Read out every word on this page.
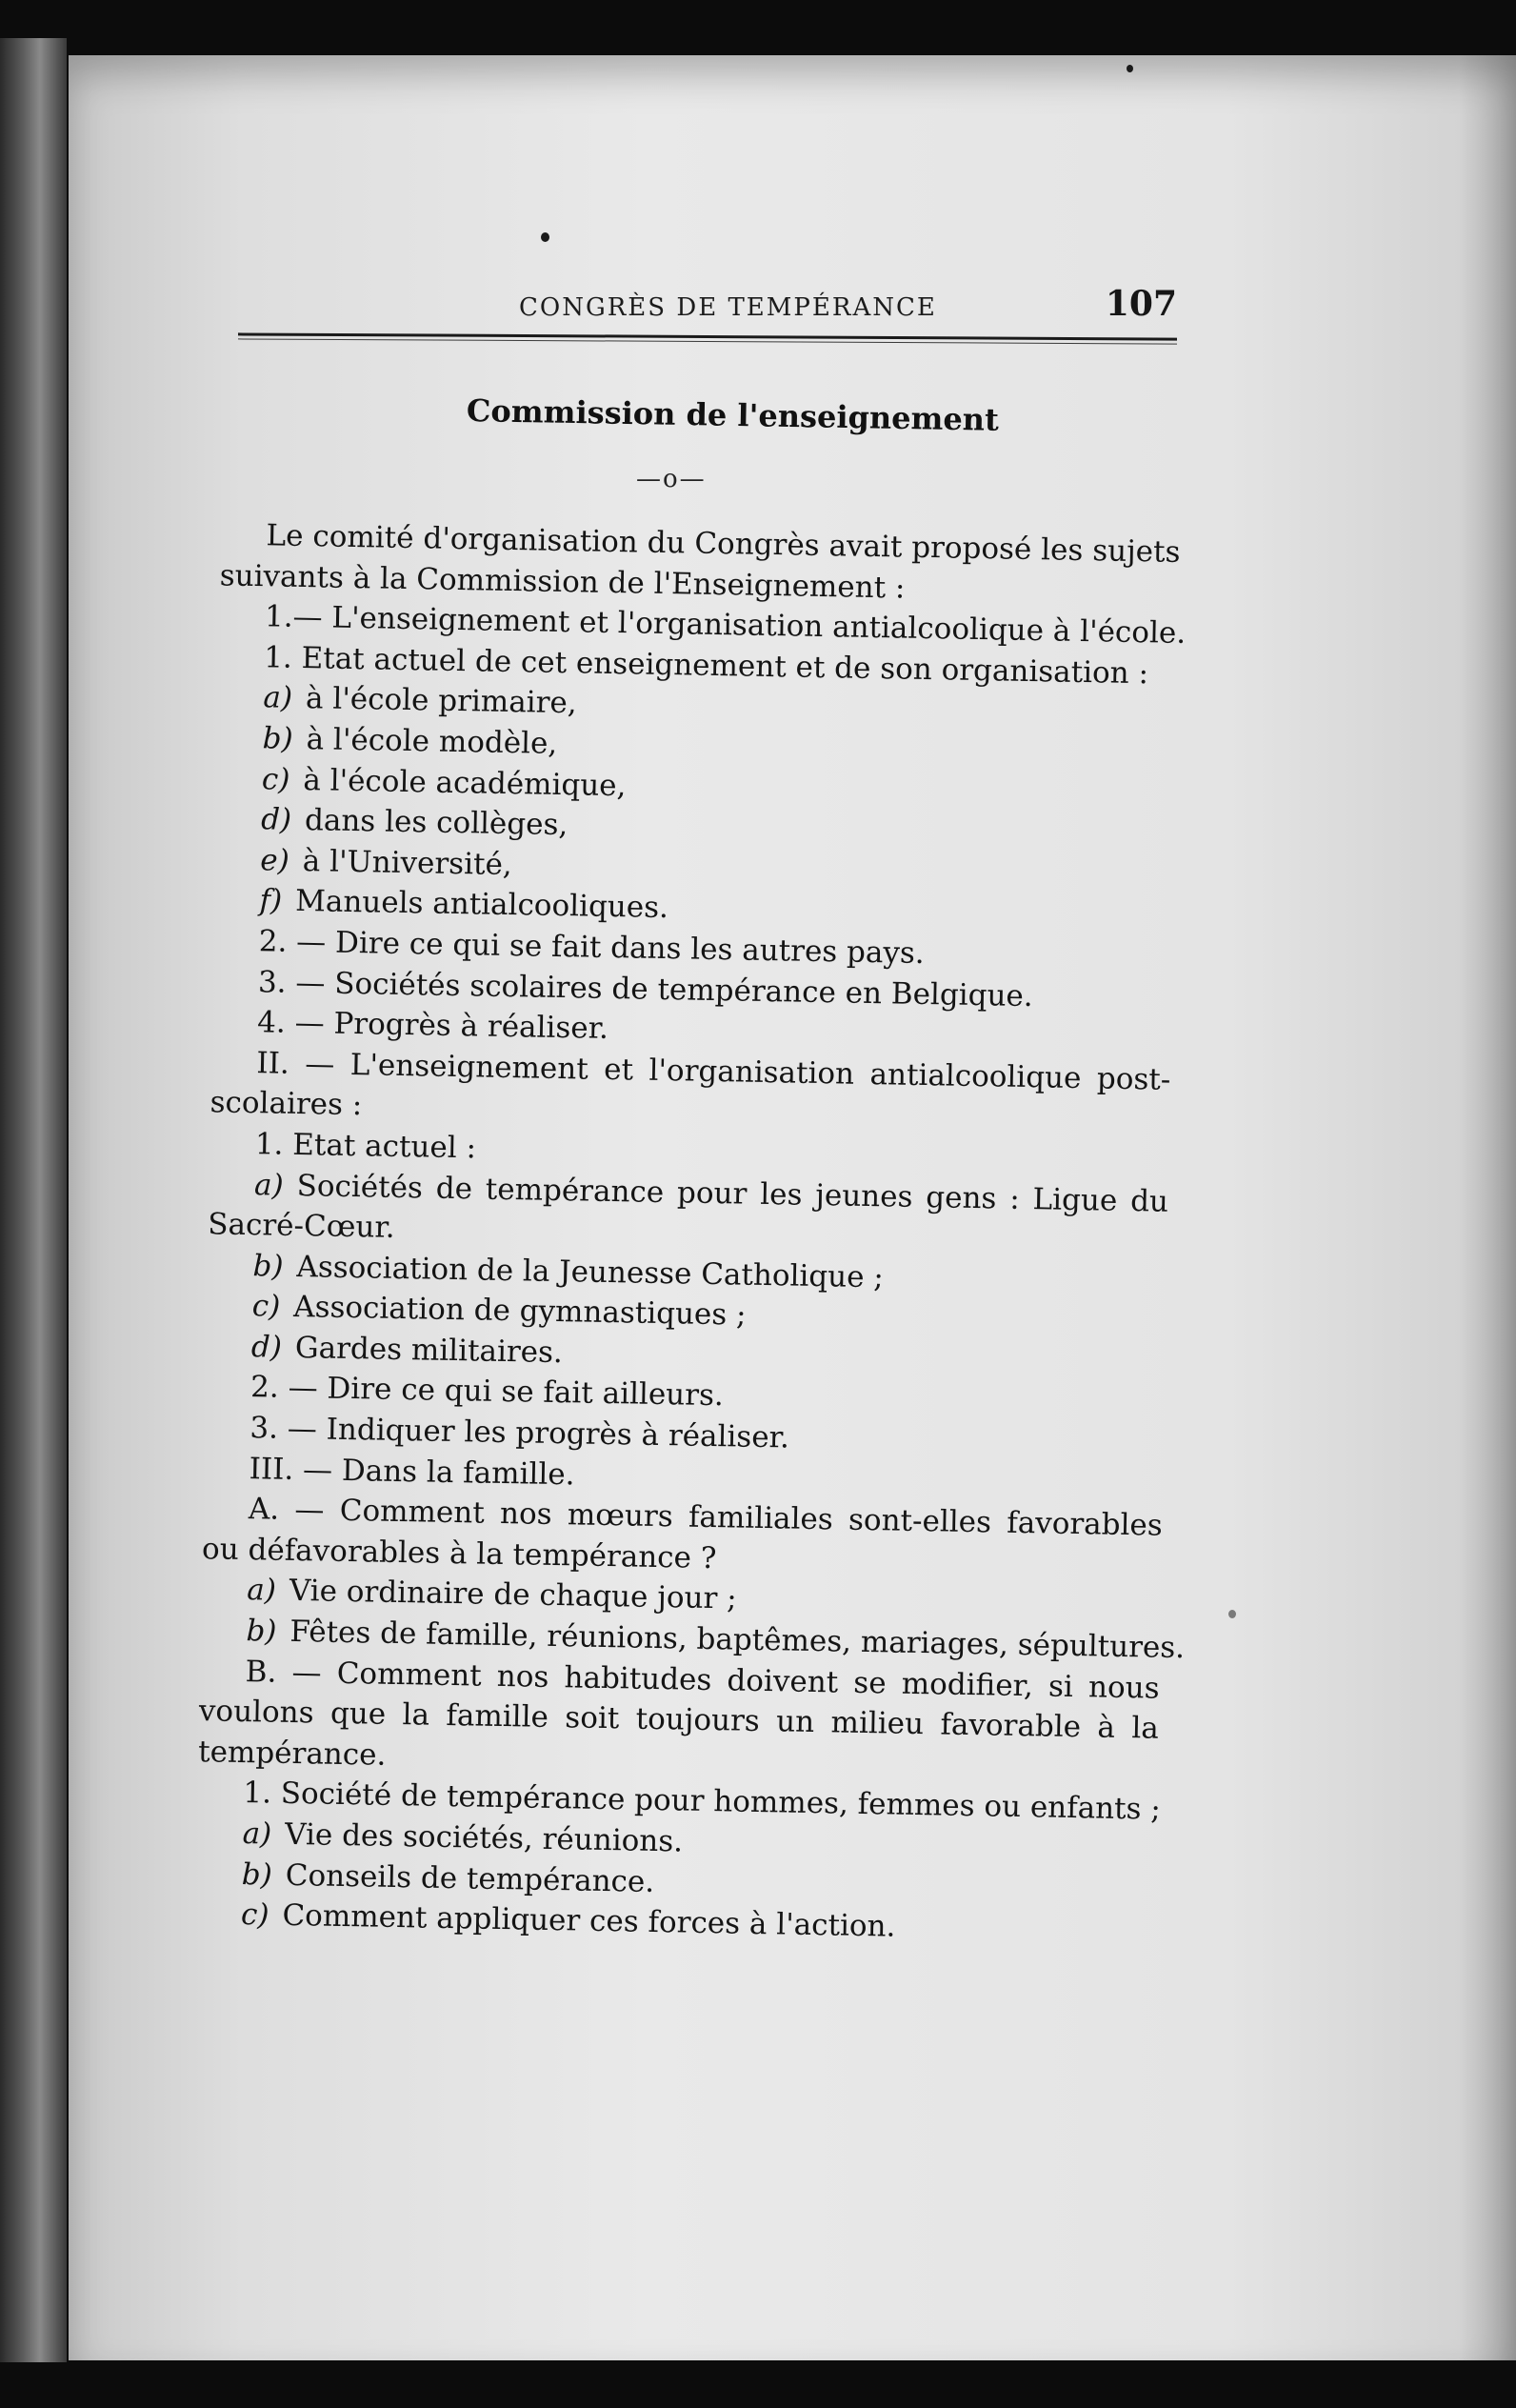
CONGRÈS DE TEMPÉRANCE	107
Commission de l'enseignement
—o—
Le comité d'organisation du Congrès avait proposé les sujets
suivants à la Commission de l'Enseignement :
1.— L'enseignement et l'organisation antialcoolique à l'école.
1. Etat actuel de cet enseignement et de son organisation :
a) à l'école primaire,
b) à l'école modèle,
c) à l'école académique,
d) dans les collèges,
e) à l'Université,
f) Manuels antialcooliques.
2. — Dire ce qui se fait dans les autres pays.
3. — Sociétés scolaires de tempérance en Belgique.
4. — Progrès à réaliser.
II. — L'enseignement et l'organisation antialcoolique post-
scolaires :
1. Etat actuel :
a) Sociétés de tempérance pour les jeunes gens : Ligue du
Sacré-Cœur.
b) Association de la Jeunesse Catholique ;
c) Association de gymnastiques ;
d) Gardes militaires.
2. — Dire ce qui se fait ailleurs.
3. — Indiquer les progrès à réaliser.
III. — Dans la famille.
A. — Comment nos mœurs familiales sont-elles favorables
ou défavorables à la tempérance ?
a) Vie ordinaire de chaque jour ;
b) Fêtes de famille, réunions, baptêmes, mariages, sépultures.
B. — Comment nos habitudes doivent se modifier, si nous
voulons que la famille soit toujours un milieu favorable à la
tempérance.
1. Société de tempérance pour hommes, femmes ou enfants ;
a) Vie des sociétés, réunions.
b) Conseils de tempérance.
c) Comment appliquer ces forces à l'action.
